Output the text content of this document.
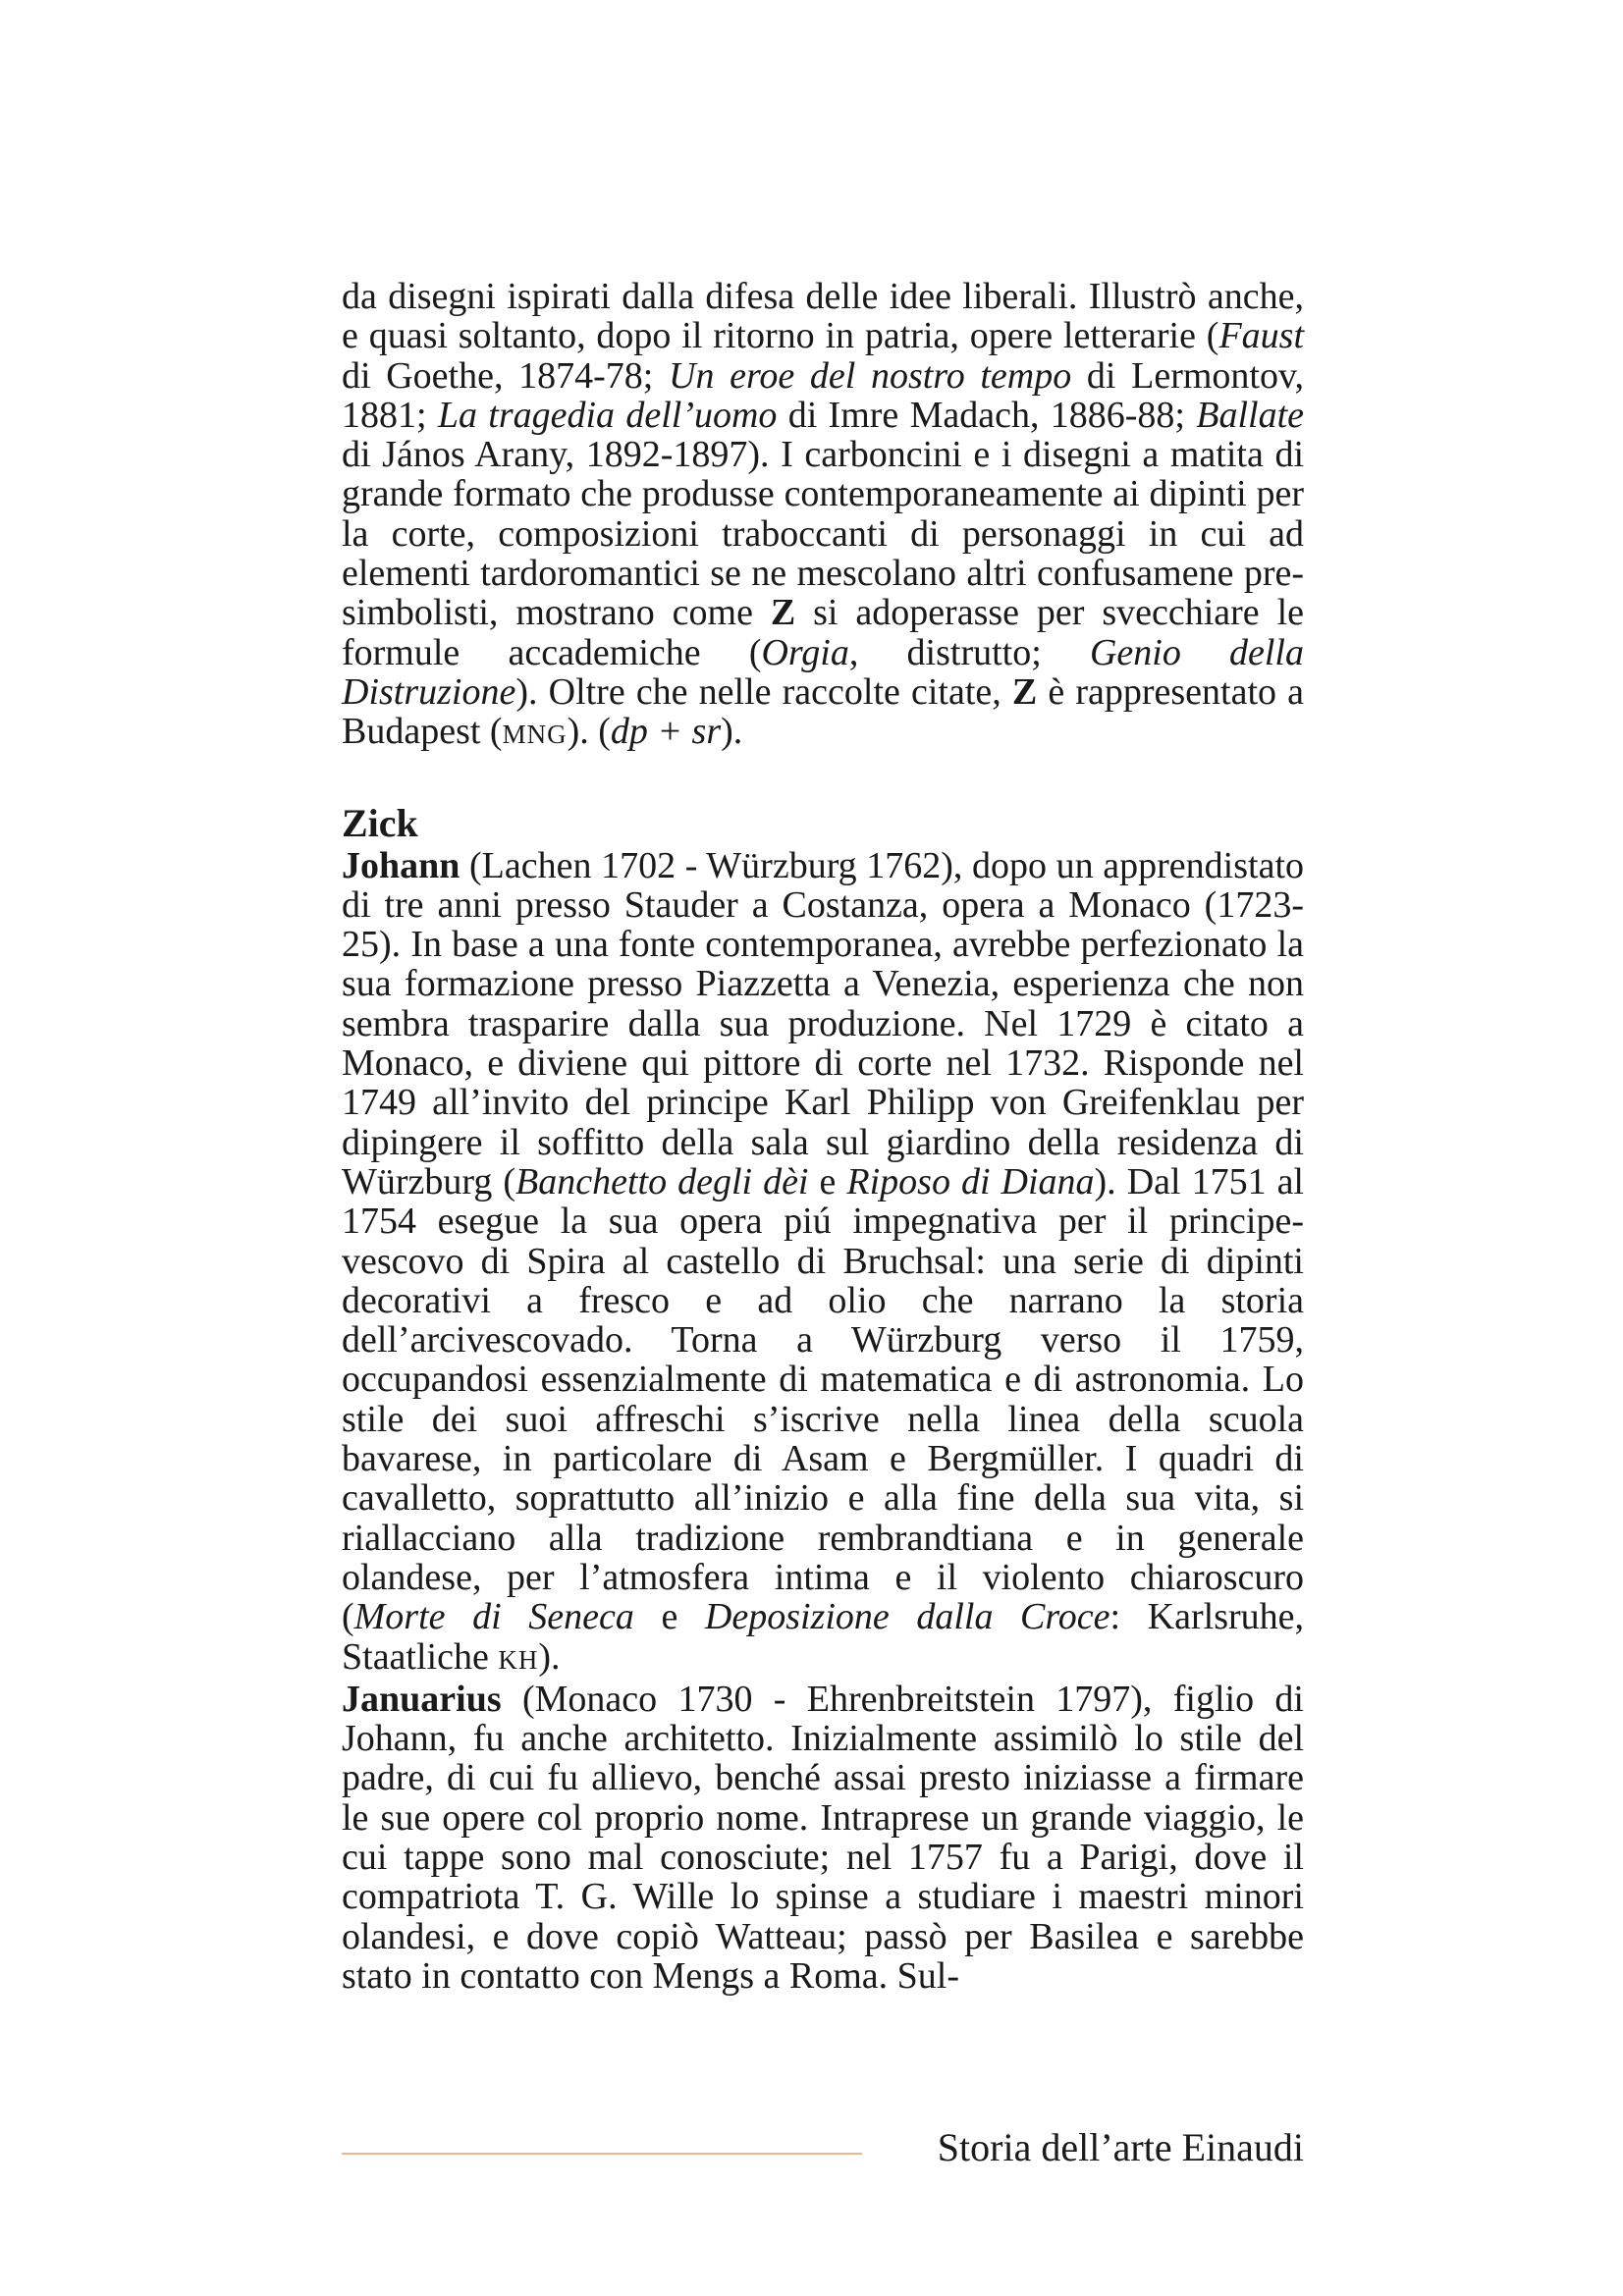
da disegni ispirati dalla difesa delle idee liberali. Illustrò anche, e quasi soltanto, dopo il ritorno in patria, opere letterarie (Faust di Goethe, 1874-78; Un eroe del nostro tempo di Lermontov, 1881; La tragedia dell’uomo di Imre Madach, 1886-88; Ballate di János Arany, 1892-1897). I carboncini e i disegni a matita di grande formato che produsse contemporaneamente ai dipinti per la corte, composizioni traboccanti di personaggi in cui ad elementi tardoromantici se ne mescolano altri confusamene pre-simbolisti, mostrano come Z si adoperasse per svecchiare le formule accademiche (Orgia, distrutto; Genio della Distruzione). Oltre che nelle raccolte citate, Z è rappresentato a Budapest (MNG). (dp + sr).

Zick

Johann (Lachen 1702 - Würzburg 1762), dopo un apprendistato di tre anni presso Stauder a Costanza, opera a Monaco (1723-25). In base a una fonte contemporanea, avrebbe perfezionato la sua formazione presso Piazzetta a Venezia, esperienza che non sembra trasparire dalla sua produzione. Nel 1729 è citato a Monaco, e diviene qui pittore di corte nel 1732. Risponde nel 1749 all’invito del principe Karl Philipp von Greifenklau per dipingere il soffitto della sala sul giardino della residenza di Würzburg (Banchetto degli dèi e Riposo di Diana). Dal 1751 al 1754 esegue la sua opera piú impegnativa per il principe-vescovo di Spira al castello di Bruchsal: una serie di dipinti decorativi a fresco e ad olio che narrano la storia dell’arcivescovado. Torna a Würzburg verso il 1759, occupandosi essenzialmente di matematica e di astronomia. Lo stile dei suoi affreschi s’iscrive nella linea della scuola bavarese, in particolare di Asam e Bergmüller. I quadri di cavalletto, soprattutto all’inizio e alla fine della sua vita, si riallacciano alla tradizione rembrandtiana e in generale olandese, per l’atmosfera intima e il violento chiaroscuro (Morte di Seneca e Deposizione dalla Croce: Karlsruhe, Staatliche KH).

Januarius (Monaco 1730 - Ehrenbreitstein 1797), figlio di Johann, fu anche architetto. Inizialmente assimilò lo stile del padre, di cui fu allievo, benché assai presto iniziasse a firmare le sue opere col proprio nome. Intraprese un grande viaggio, le cui tappe sono mal conosciute; nel 1757 fu a Parigi, dove il compatriota T. G. Wille lo spinse a studiare i maestri minori olandesi, e dove copiò Watteau; passò per Basilea e sarebbe stato in contatto con Mengs a Roma. Sul-

Storia dell’arte Einaudi
